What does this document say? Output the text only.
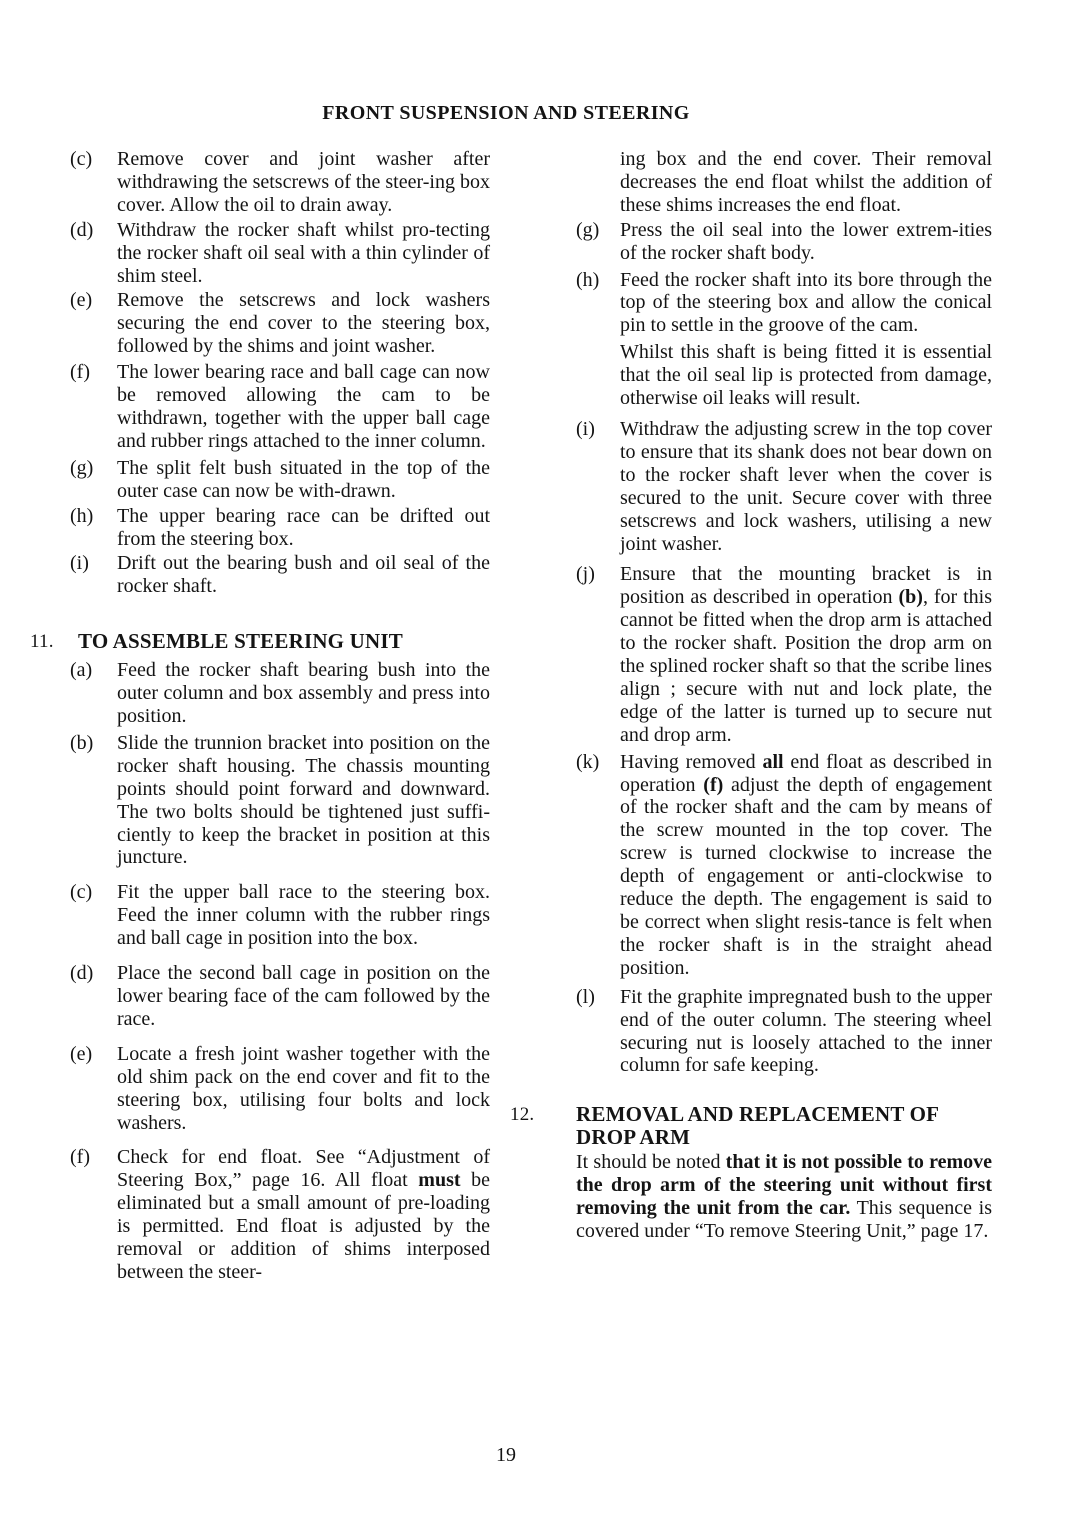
FRONT SUSPENSION AND STEERING
(c) Remove cover and joint washer after withdrawing the setscrews of the steer-ing box cover. Allow the oil to drain away.
(d) Withdraw the rocker shaft whilst pro-tecting the rocker shaft oil seal with a thin cylinder of shim steel.
(e) Remove the setscrews and lock washers securing the end cover to the steering box, followed by the shims and joint washer.
(f) The lower bearing race and ball cage can now be removed allowing the cam to be withdrawn, together with the upper ball cage and rubber rings attached to the inner column.
(g) The split felt bush situated in the top of the outer case can now be with-drawn.
(h) The upper bearing race can be drifted out from the steering box.
(i) Drift out the bearing bush and oil seal of the rocker shaft.
11. TO ASSEMBLE STEERING UNIT
(a) Feed the rocker shaft bearing bush into the outer column and box assembly and press into position.
(b) Slide the trunnion bracket into position on the rocker shaft housing. The chassis mounting points should point forward and downward. The two bolts should be tightened just suffi-ciently to keep the bracket in position at this juncture.
(c) Fit the upper ball race to the steering box. Feed the inner column with the rubber rings and ball cage in position into the box.
(d) Place the second ball cage in position on the lower bearing face of the cam followed by the race.
(e) Locate a fresh joint washer together with the old shim pack on the end cover and fit to the steering box, utilising four bolts and lock washers.
(f) Check for end float. See “Adjustment of Steering Box,” page 16. All float must be eliminated but a small amount of pre-loading is permitted. End float is adjusted by the removal or addition of shims interposed between the steer-
ing box and the end cover. Their removal decreases the end float whilst the addition of these shims increases the end float.
(g) Press the oil seal into the lower extrem-ities of the rocker shaft body.
(h) Feed the rocker shaft into its bore through the top of the steering box and allow the conical pin to settle in the groove of the cam.
Whilst this shaft is being fitted it is essential that the oil seal lip is protected from damage, otherwise oil leaks will result.
(i) Withdraw the adjusting screw in the top cover to ensure that its shank does not bear down on to the rocker shaft lever when the cover is secured to the unit. Secure cover with three setscrews and lock washers, utilising a new joint washer.
(j) Ensure that the mounting bracket is in position as described in operation (b), for this cannot be fitted when the drop arm is attached to the rocker shaft. Position the drop arm on the splined rocker shaft so that the scribe lines align ; secure with nut and lock plate, the edge of the latter is turned up to secure nut and drop arm.
(k) Having removed all end float as described in operation (f) adjust the depth of engagement of the rocker shaft and the cam by means of the screw mounted in the top cover. The screw is turned clockwise to increase the depth of engagement or anti-clockwise to reduce the depth. The engagement is said to be correct when slight resis-tance is felt when the rocker shaft is in the straight ahead position.
(l) Fit the graphite impregnated bush to the upper end of the outer column. The steering wheel securing nut is loosely attached to the inner column for safe keeping.
12. REMOVAL AND REPLACEMENT OF DROP ARM
It should be noted that it is not possible to remove the drop arm of the steering unit without first removing the unit from the car. This sequence is covered under “To remove Steering Unit,” page 17.
19
